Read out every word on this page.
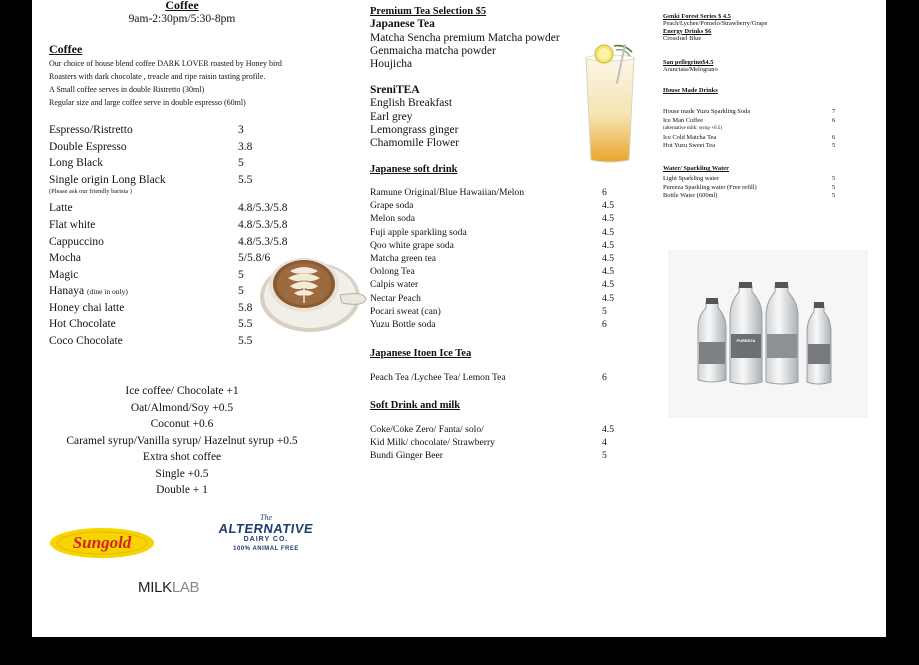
Coffee
9am-2:30pm/5:30-8pm
Coffee
Our choice of house blend coffee DARK LOVER roasted by Honey bird
Roasters with dark chocolate , treacle and ripe raisin tasting profile.
A Small coffee serves in double Ristretto (30ml)
Regular size and large coffee serve in double espresso (60ml)
Espresso/Ristretto	3
Double Espresso	3.8
Long Black	5
Single origin Long Black	5.5
(Please ask our friendly barista )
Latte	4.8/5.3/5.8
Flat white	4.8/5.3/5.8
Cappuccino	4.8/5.3/5.8
Mocha	5/5.8/6
Magic	5
Hanaya (dine in only)	5
Honey chai latte	5.8
Hot Chocolate	5.5
Coco Chocolate	5.5
Ice coffee/ Chocolate +1
Oat/Almond/Soy +0.5
Coconut +0.6
Caramel syrup/Vanilla syrup/ Hazelnut syrup +0.5
Extra shot coffee
Single +0.5
Double + 1
Sungold
The
ALTERNATIVE
DAIRY CO.
100% ANIMAL FREE
MILKLAB
Premium Tea Selection $5
Japanese Tea
Matcha Sencha premium Matcha powder
Genmaicha matcha powder
Houjicha
SreniTEA
English Breakfast
Earl grey
Lemongrass ginger
Chamomile Flower
Japanese soft drink
Ramune Original/Blue Hawaiian/Melon	6
Grape soda	4.5
Melon soda	4.5
Fuji apple sparkling soda	4.5
Qoo white grape soda	4.5
Matcha green tea	4.5
Oolong Tea	4.5
Calpis water	4.5
Nectar Peach	4.5
Pocari sweat (can)	5
Yuzu Bottle soda	6
Japanese Itoen Ice Tea
Peach Tea /Lychee Tea/ Lemon Tea	6
Soft Drink and milk
Coke/Coke Zero/ Fanta/ solo/	4.5
Kid Milk/ chocolate/ Strawberry	4
Bundi Ginger Beer	5
Genki Forest Series $ 4.5
Peach/Lychee/Pomelo/Strawberry/Grape
Energy Drinks $6
Crossfuel Blue
San pellegrino$4.5
Aranciata/Melograno
House Made Drinks
House made Yuzu Sparkling Soda	7
Ice Man Coffee	6
(alternative milk: syrup +0.5)
Ice Cold Matcha Tea	6
Hot Yuzu Sweet Tea	5
Water/ Sparkling Water
Light Sparkling water	5
Pureeza Sparkling water (Free refill)	5
Bottle Water (600ml)	5
PUREEZA
